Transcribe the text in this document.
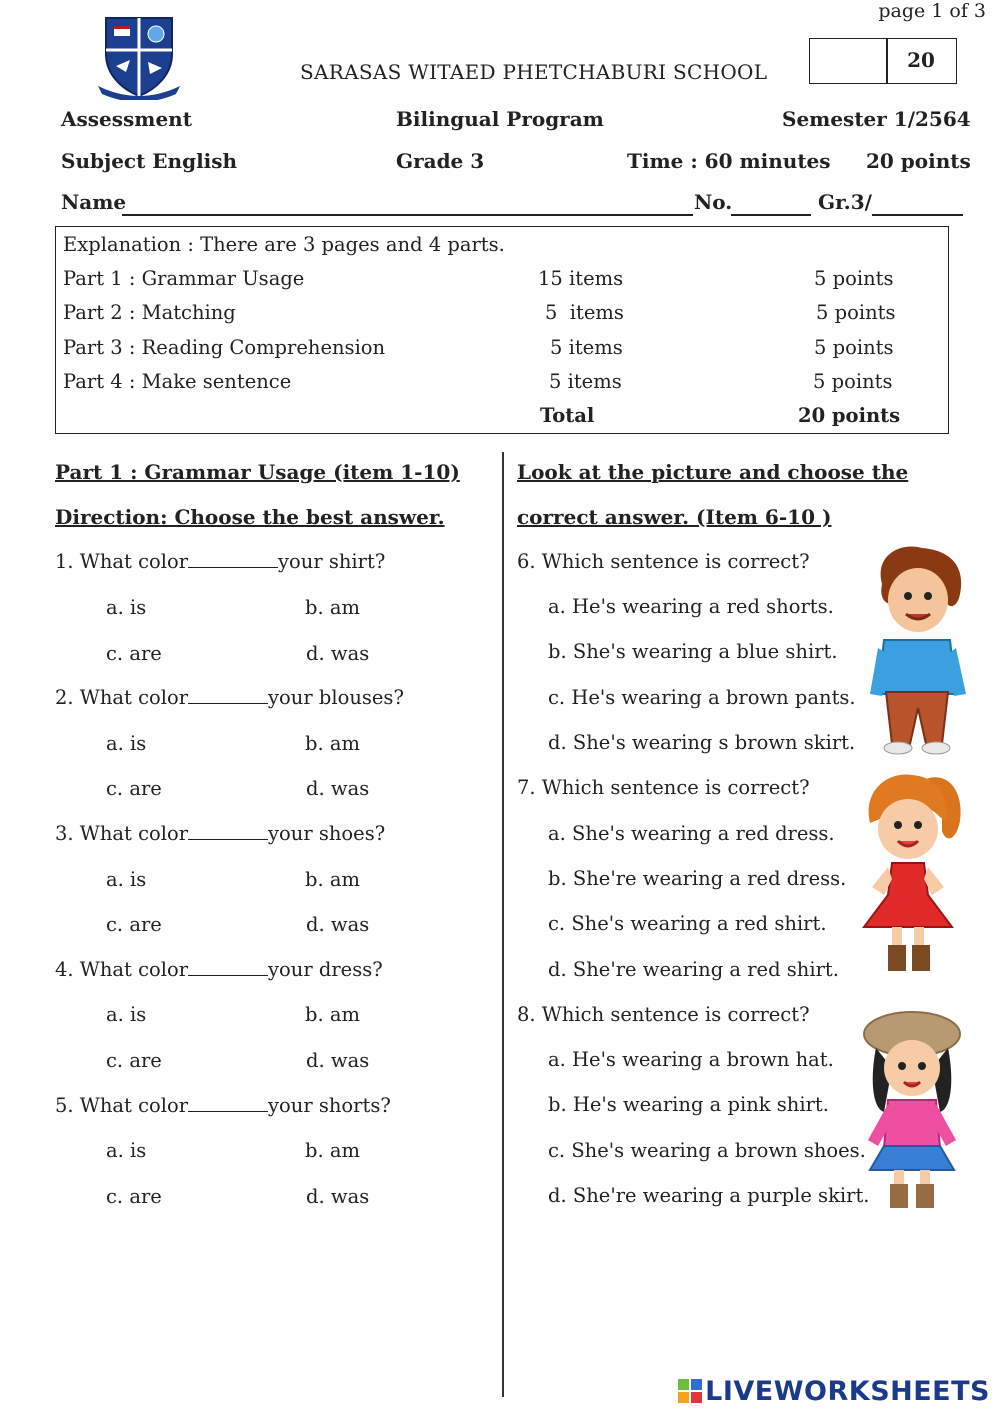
page 1 of 3
SARASAS WITAED PHETCHABURI SCHOOL	20
Assessment	Bilingual Program	Semester 1/2564
Subject English	Grade 3	Time : 60 minutes 20 points
Name	No.	Gr.3/
Explanation : There are 3 pages and 4 parts.
Part 1 : Grammar Usage	15 items	5 points
Part 2 : Matching	5  items	5 points
Part 3 : Reading Comprehension	5 items	5 points
Part 4 : Make sentence	5 items	5 points
Total	20 points
Part 1 : Grammar Usage (item 1-10)
Direction: Choose the best answer.
1. What color	your shirt?
a. is	b. am
c. are	d. was
2. What color	your blouses?
a. is	b. am
c. are	d. was
3. What color	your shoes?
a. is	b. am
c. are	d. was
4. What color	your dress?
a. is	b. am
c. are	d. was
5. What color	your shorts?
a. is	b. am
c. are	d. was
Look at the picture and choose the
correct answer. (Item 6-10 )
6. Which sentence is correct?
a. He's wearing a red shorts.
b. She's wearing a blue shirt.
c. He's wearing a brown pants.
d. She's wearing s brown skirt.
7. Which sentence is correct?
a. She's wearing a red dress.
b. She're wearing a red dress.
c. She's wearing a red shirt.
d. She're wearing a red shirt.
8. Which sentence is correct?
a. He's wearing a brown hat.
b. He's wearing a pink shirt.
c. She's wearing a brown shoes.
d. She're wearing a purple skirt.
LIVEWORKSHEETS
